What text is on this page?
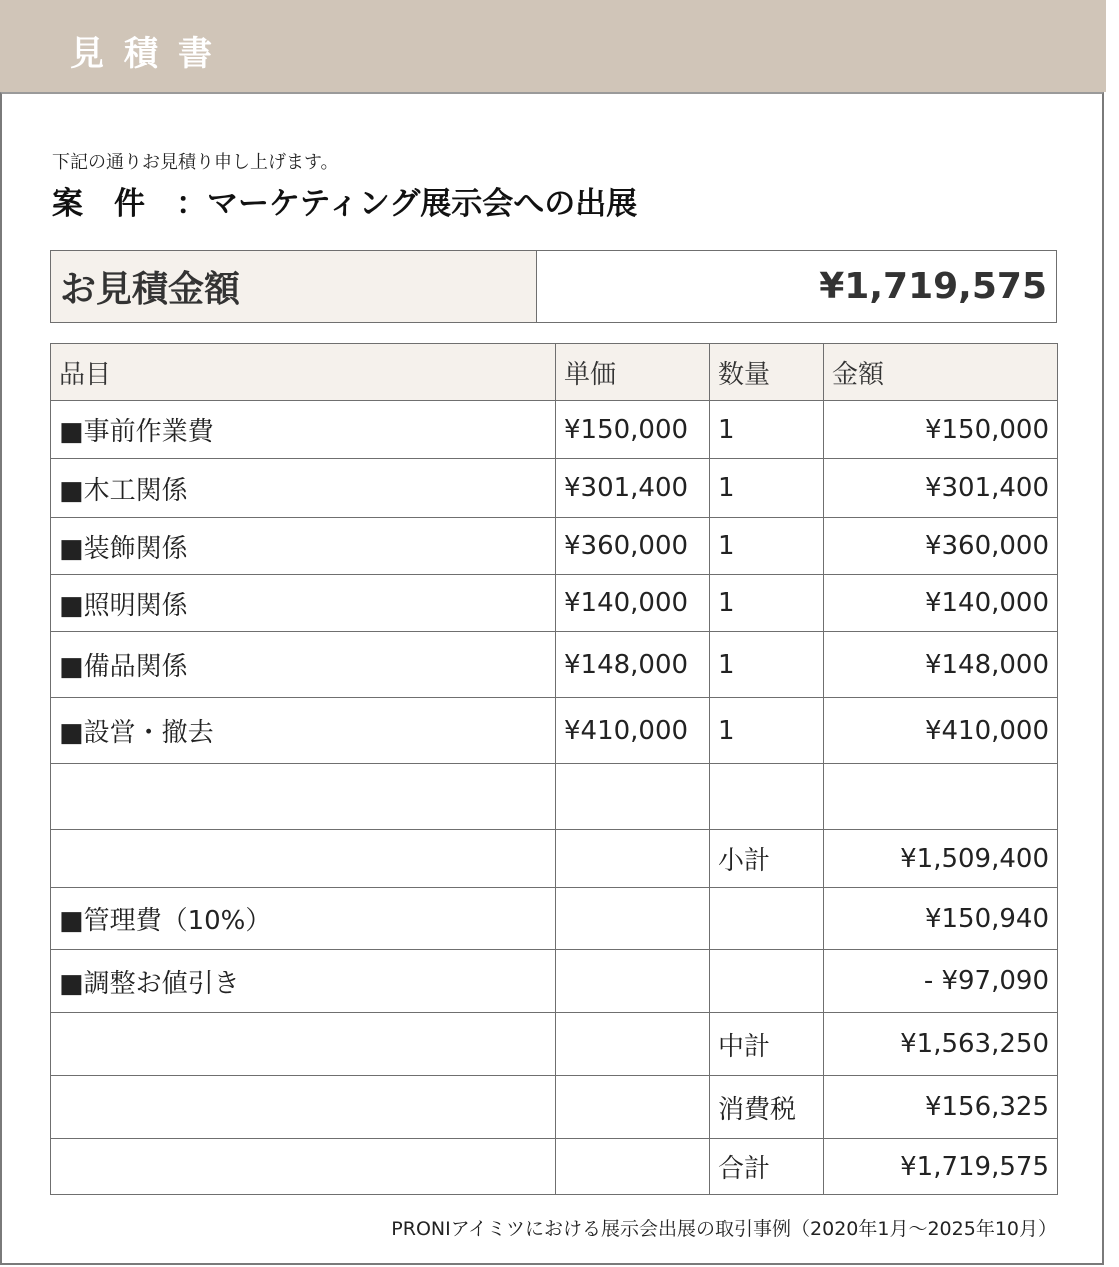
見積書
下記の通りお見積り申し上げます。
案　件　：マーケティング展示会への出展
お見積金額	¥1,719,575
品目	単価	数量	金額
■事前作業費	¥150,000	1	¥150,000
■木工関係	¥301,400	1	¥301,400
■装飾関係	¥360,000	1	¥360,000
■照明関係	¥140,000	1	¥140,000
■備品関係	¥148,000	1	¥148,000
■設営・撤去	¥410,000	1	¥410,000

		小計	¥1,509,400
■管理費（10%）			¥150,940
■調整お値引き			- ¥97,090
		中計	¥1,563,250
		消費税	¥156,325
		合計	¥1,719,575
PRONIアイミツにおける展示会出展の取引事例（2020年1月〜2025年10月）
